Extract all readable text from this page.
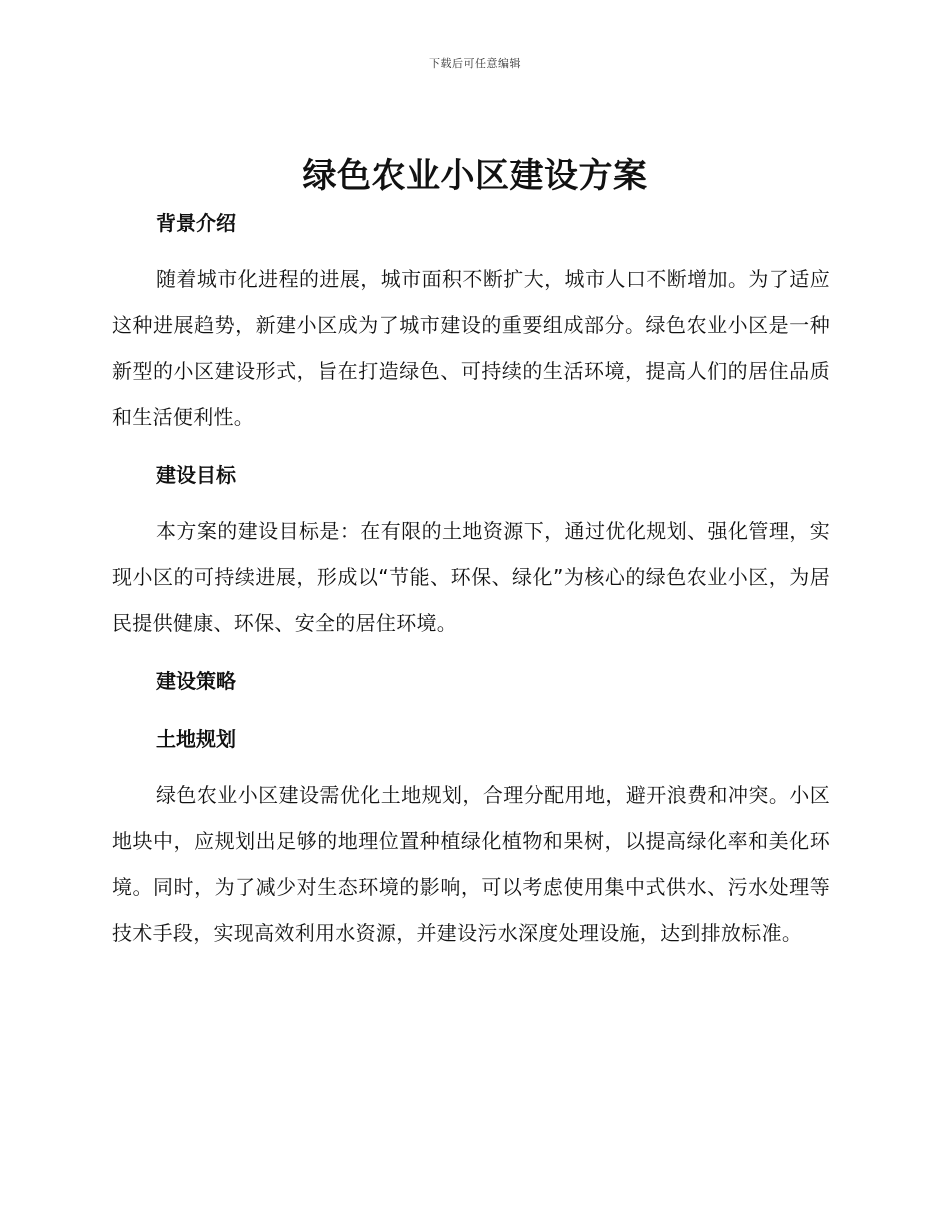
下载后可任意编辑
绿色农业小区建设方案
背景介绍

随着城市化进程的进展，城市面积不断扩大，城市人口不断增加。为了适应这种进展趋势，新建小区成为了城市建设的重要组成部分。绿色农业小区是一种新型的小区建设形式，旨在打造绿色、可持续的生活环境，提高人们的居住品质和生活便利性。

建设目标

本方案的建设目标是：在有限的土地资源下，通过优化规划、强化管理，实现小区的可持续进展，形成以“节能、环保、绿化”为核心的绿色农业小区，为居民提供健康、环保、安全的居住环境。

建设策略
土地规划

绿色农业小区建设需优化土地规划，合理分配用地，避开浪费和冲突。小区地块中，应规划出足够的地理位置种植绿化植物和果树，以提高绿化率和美化环境。同时，为了减少对生态环境的影响，可以考虑使用集中式供水、污水处理等技术手段，实现高效利用水资源，并建设污水深度处理设施，达到排放标准。
